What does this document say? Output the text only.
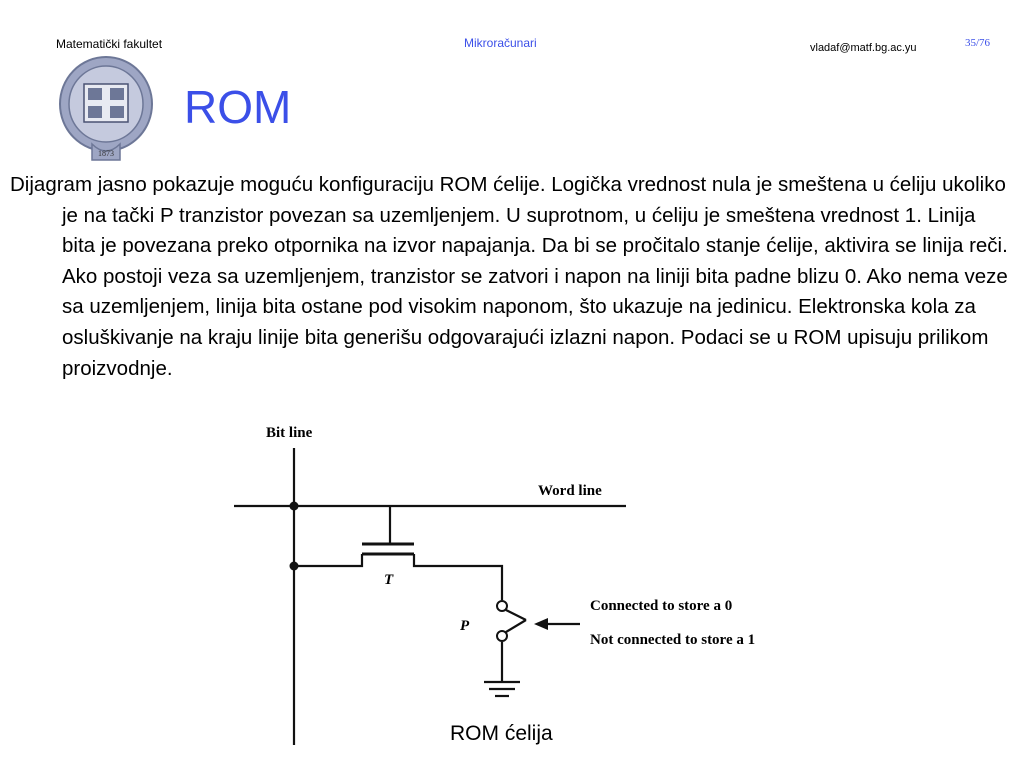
Matematički fakultet	Mikroračunari	vladaf@matf.bg.ac.yu	35/76
1873
ROM

Dijagram jasno pokazuje moguću konfiguraciju ROM ćelije. Logička vrednost nula je smeštena u ćeliju ukoliko je na tački P tranzistor povezan sa uzemljenjem. U suprotnom, u ćeliju je smeštena vrednost 1. Linija bita je povezana preko otpornika na izvor napajanja. Da bi se pročitalo stanje ćelije, aktivira se linija reči. Ako postoji veza sa uzemljenjem, tranzistor se zatvori i napon na liniji bita padne blizu 0. Ako nema veze sa uzemljenjem, linija bita ostane pod visokim naponom, što ukazuje na jedinicu. Elektronska kola za osluškivanje na kraju linije bita generišu odgovarajući izlazni napon. Podaci se u ROM upisuju prilikom proizvodnje.

Bit line
Word line
T
P
Connected to store a 0
Not connected to store a 1
ROM ćelija
